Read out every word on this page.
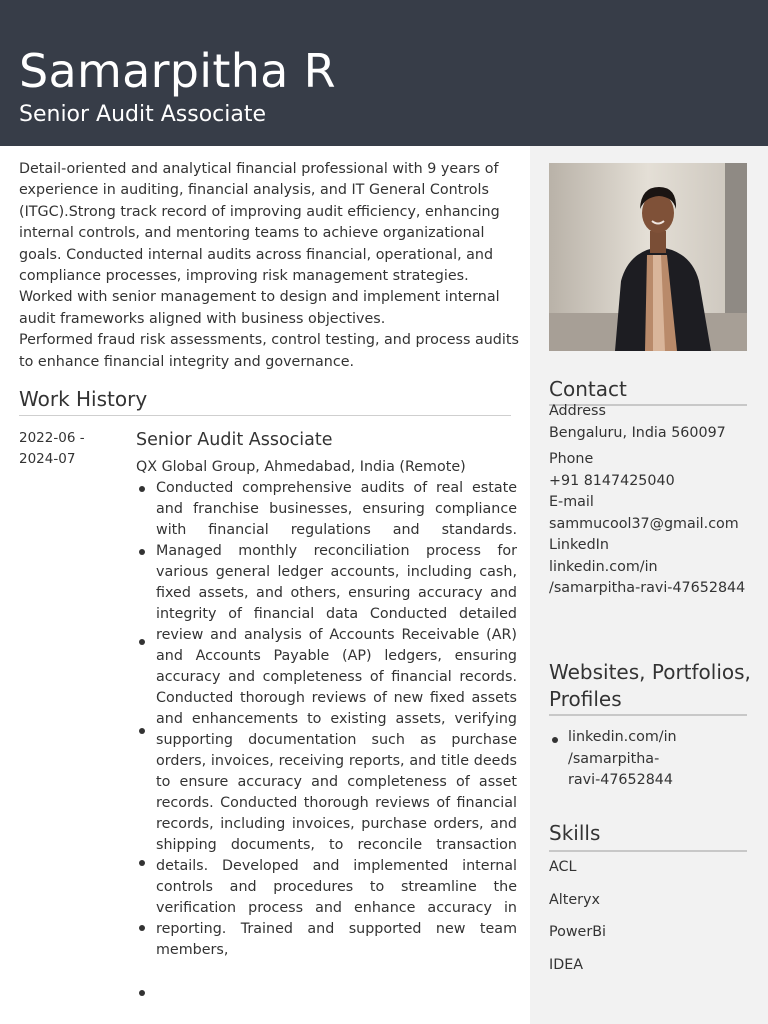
Samarpitha R
Senior Audit Associate

Detail-oriented and analytical financial professional with 9 years of experience in auditing, financial analysis, and IT General Controls (ITGC).Strong track record of improving audit efficiency, enhancing internal controls, and mentoring teams to achieve organizational goals. Conducted internal audits across financial, operational, and compliance processes, improving risk management strategies.

Worked with senior management to design and implement internal audit frameworks aligned with business objectives.

Performed fraud risk assessments, control testing, and process audits to enhance financial integrity and governance.

Work History
2022-06 - 2024-07
Senior Audit Associate
QX Global Group, Ahmedabad, India (Remote)

Conducted comprehensive audits of real estate and franchise businesses, ensuring compliance with financial regulations and standards. Managed monthly reconciliation process for various general ledger accounts, including cash, fixed assets, and others, ensuring accuracy and integrity of financial data Conducted detailed review and analysis of Accounts Receivable (AR) and Accounts Payable (AP) ledgers, ensuring accuracy and completeness of financial records. Conducted thorough reviews of new fixed assets and enhancements to existing assets, verifying supporting documentation such as purchase orders, invoices, receiving reports, and title deeds to ensure accuracy and completeness of asset records. Conducted thorough reviews of financial records, including invoices, purchase orders, and shipping documents, to reconcile transaction details. Developed and implemented internal controls and procedures to streamline the verification process and enhance accuracy in reporting. Trained and supported new team members,

Contact
Address
Bengaluru, India 560097
Phone
+91 8147425040
E-mail
sammucool37@gmail.com
LinkedIn
linkedin.com/in
/samarpitha-ravi-47652844
Websites, Portfolios,
Profiles
linkedin.com/in
/samarpitha-
ravi-47652844
Skills
ACL
Alteryx
PowerBi
IDEA
